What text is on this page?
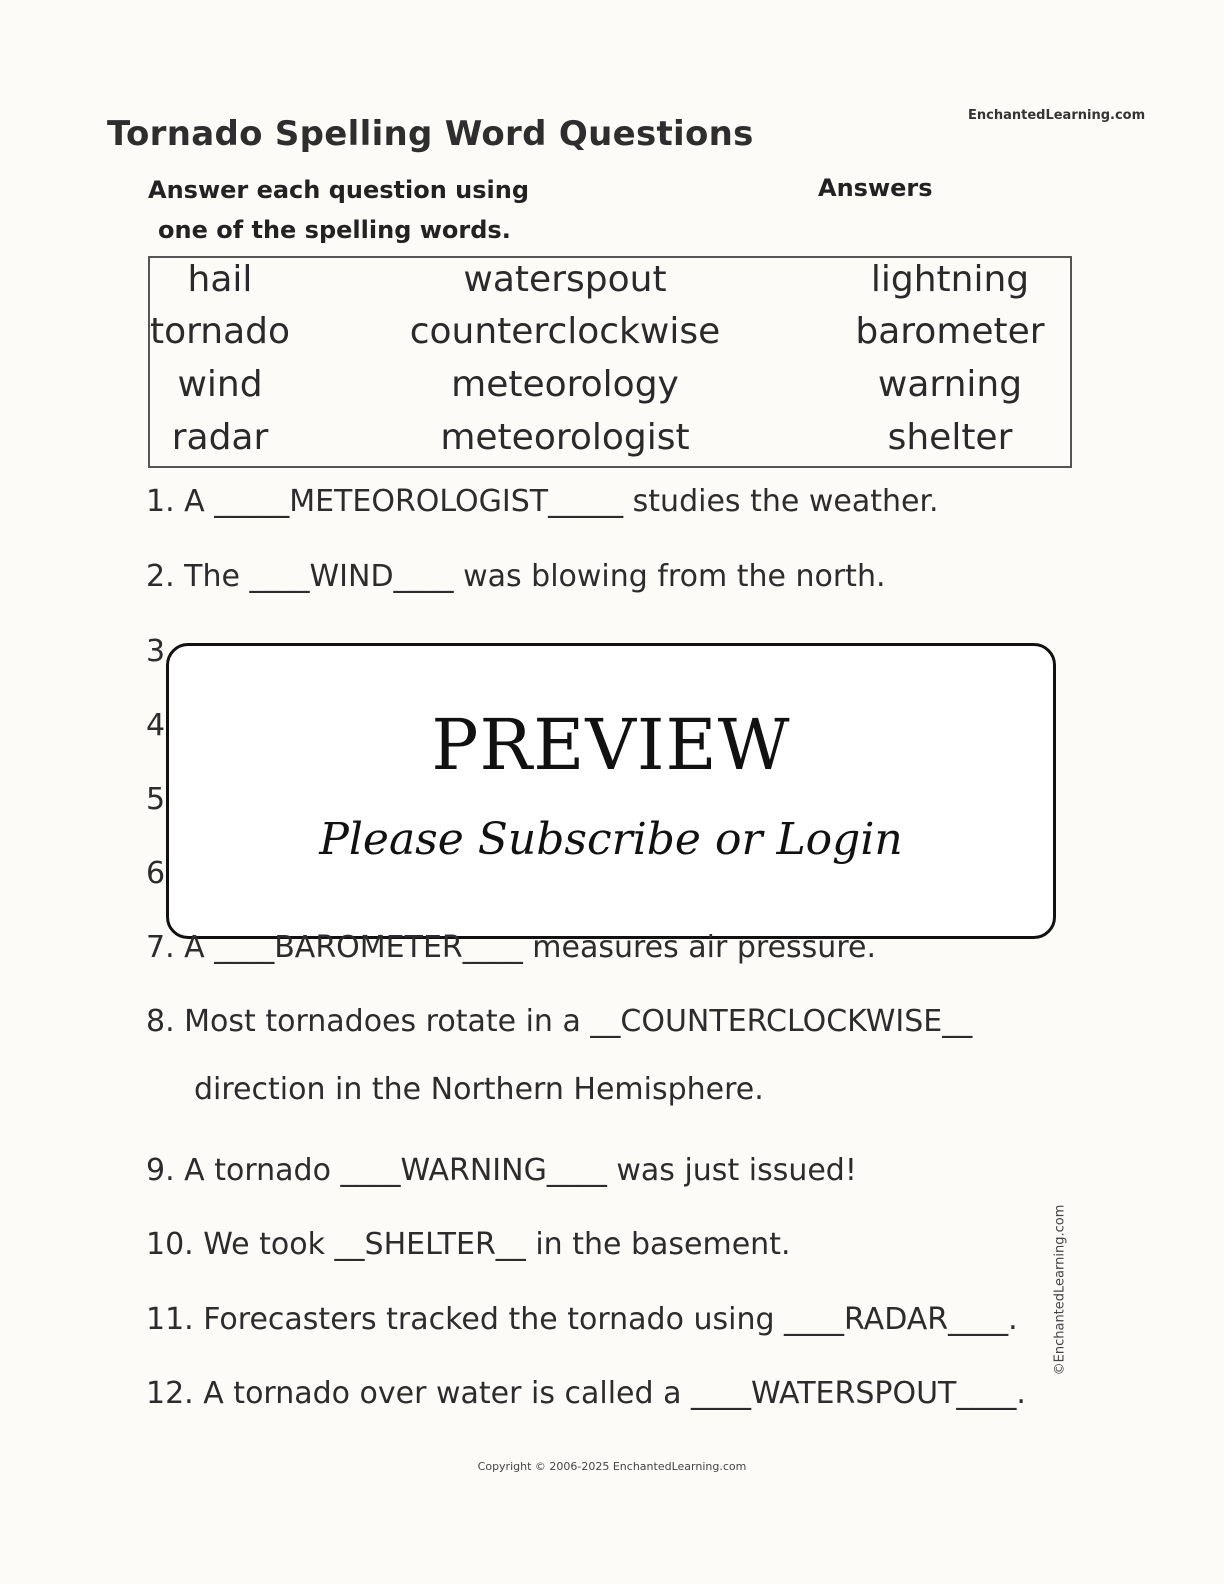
EnchantedLearning.com
Tornado Spelling Word Questions
Answer each question using
one of the spelling words.
Answers
hail	waterspout	lightning
tornado	counterclockwise	barometer
wind	meteorology	warning
radar	meteorologist	shelter
1. A _____METEOROLOGIST_____ studies the weather.
2. The ____WIND____ was blowing from the north.
3
4
5
6
PREVIEW
Please Subscribe or Login
7. A ____BAROMETER____ measures air pressure.
8. Most tornadoes rotate in a __COUNTERCLOCKWISE__
direction in the Northern Hemisphere.
9. A tornado ____WARNING____ was just issued!
10. We took __SHELTER__ in the basement.
11. Forecasters tracked the tornado using ____RADAR____.
12. A tornado over water is called a ____WATERSPOUT____.
©EnchantedLearning.com
Copyright © 2006-2025 EnchantedLearning.com
